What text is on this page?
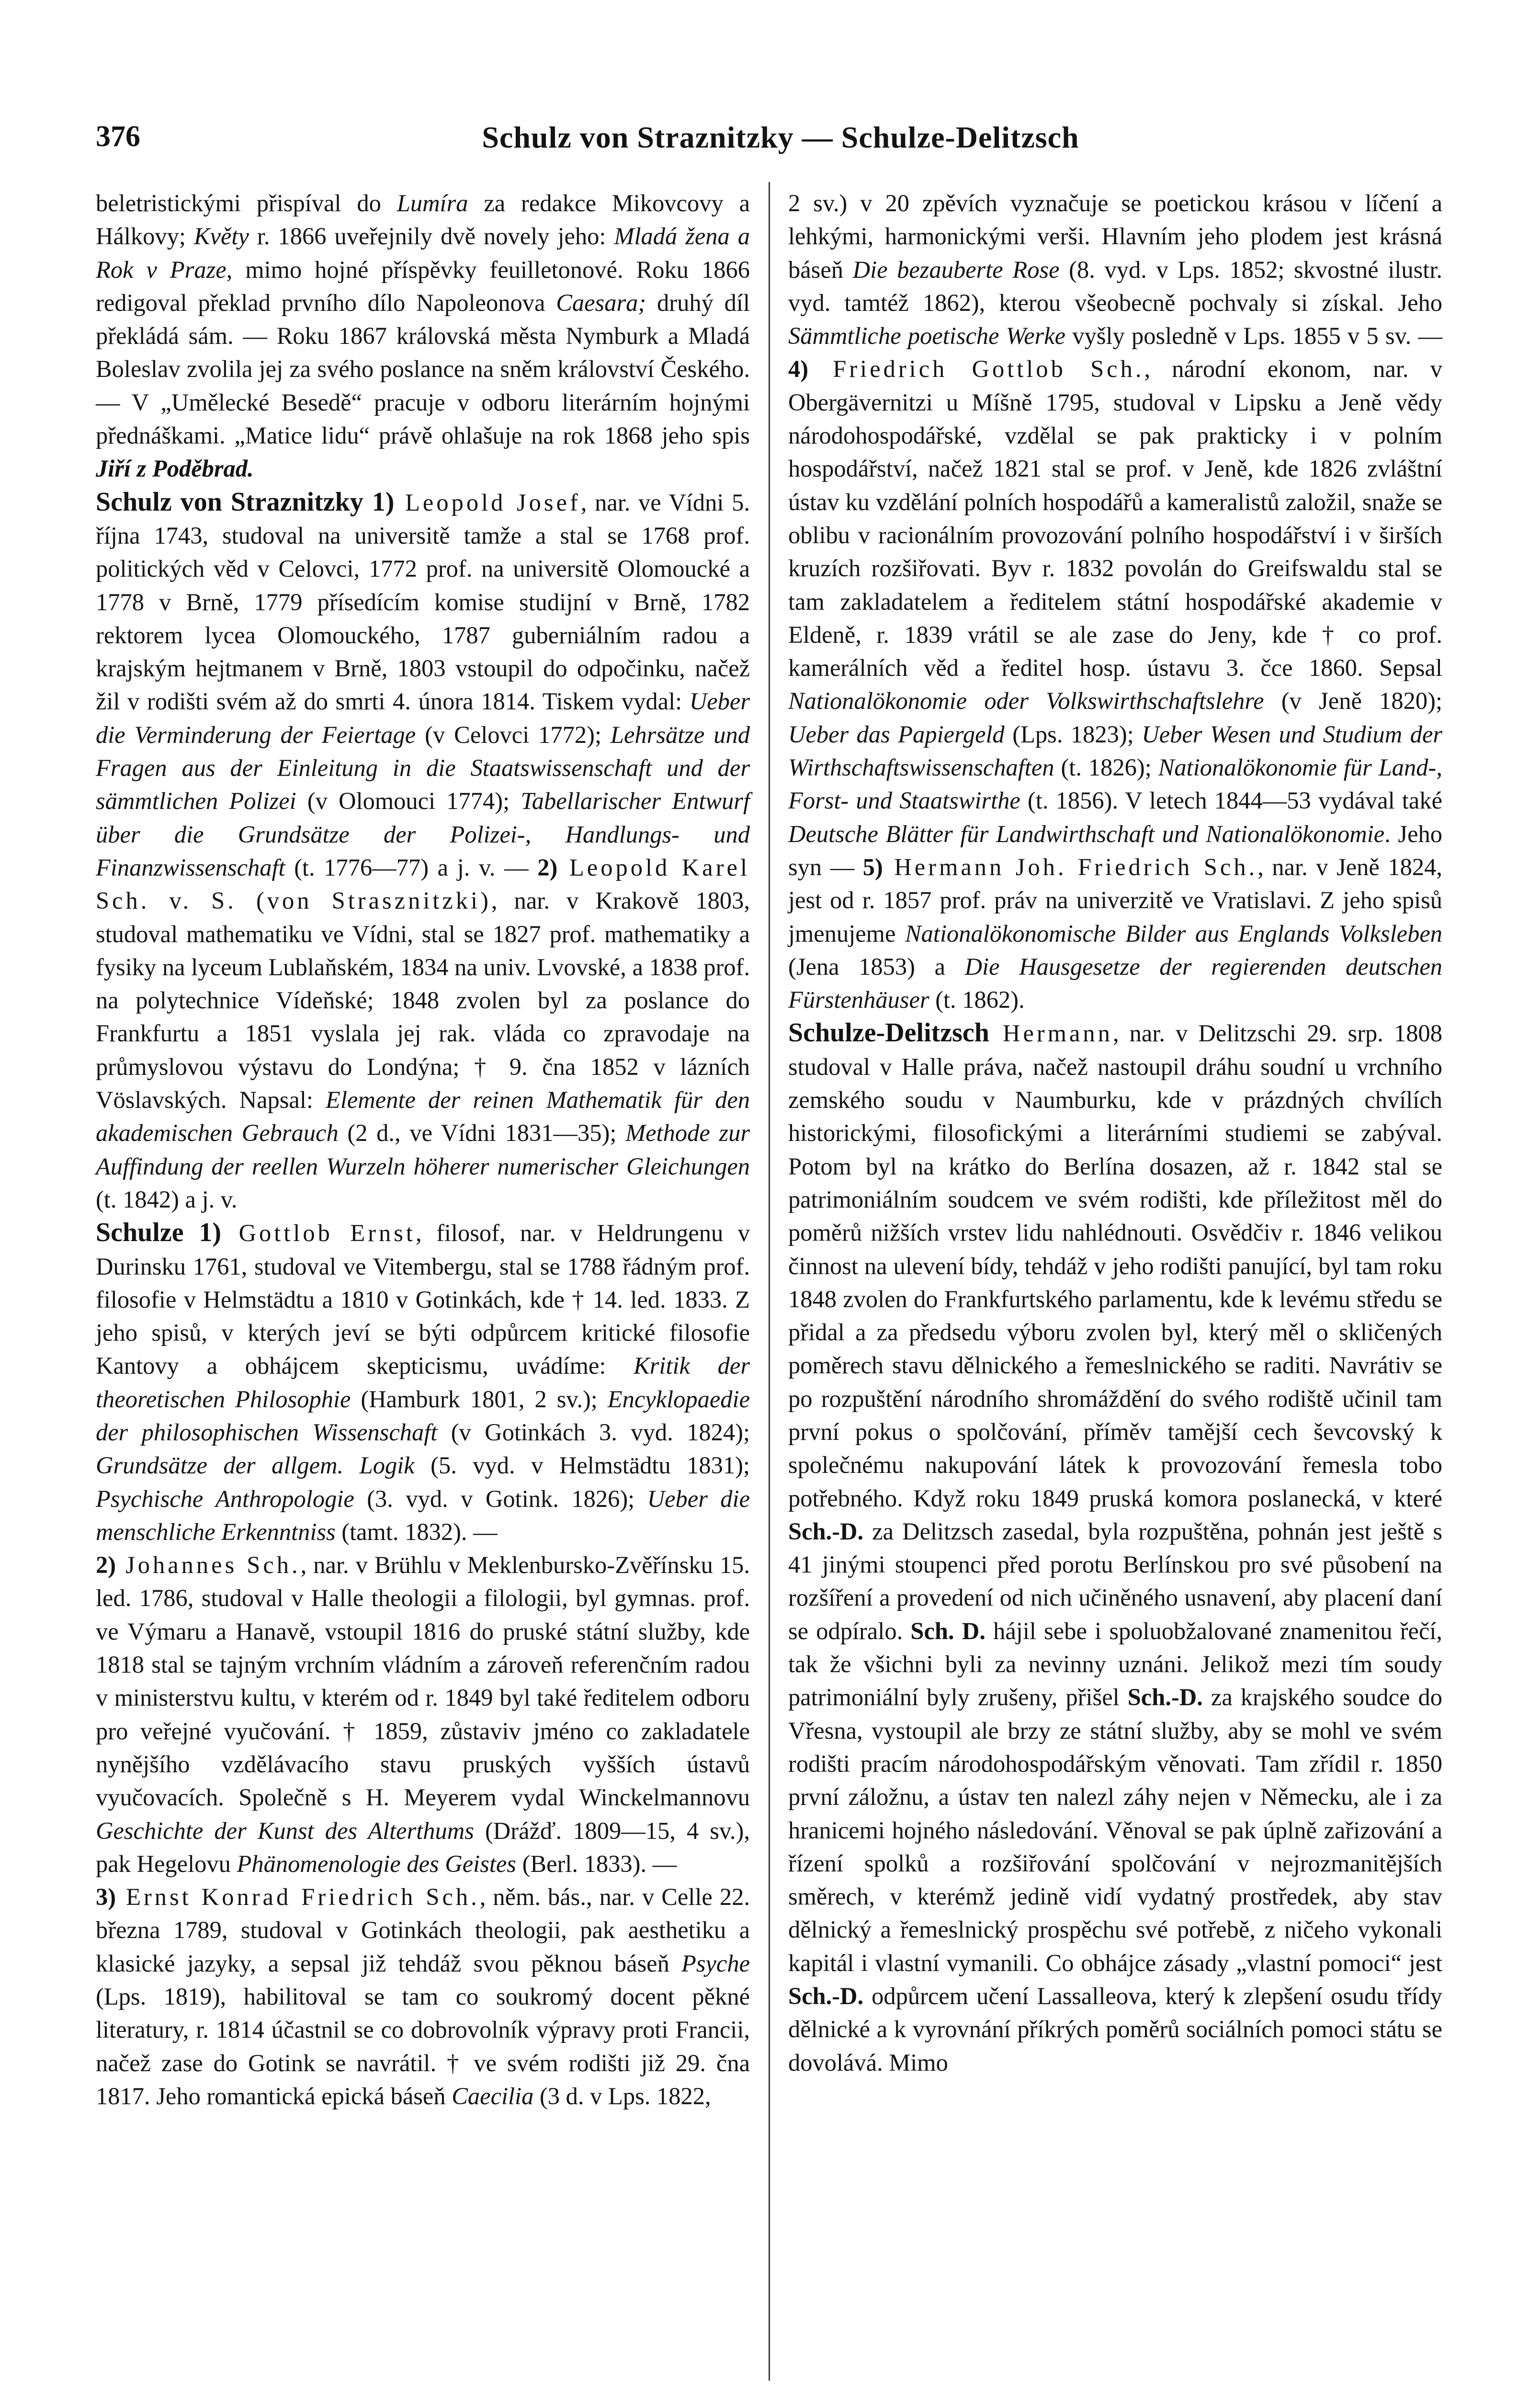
376	Schulz von Straznitzky — Schulze-Delitzsch

beletristickými přispíval do Lumíra za redakce Mikovcovy a Hálkovy; Květy r. 1866 uveřejnily dvě novely jeho: Mladá žena a Rok v Praze, mimo hojné příspěvky feuilletonové. Roku 1866 redigoval překlad prvního dílo Napoleonova Caesara; druhý díl překládá sám. — Roku 1867 královská města Nymburk a Mladá Boleslav zvolila jej za svého poslance na sněm království Českého. — V „Umělecké Besedě“ pracuje v odboru literárním hojnými přednáškami. „Matice lidu“ právě ohlašuje na rok 1868 jeho spis Jiří z Poděbrad.

Schulz von Straznitzky 1) Leopold Josef, nar. ve Vídni 5. října 1743, studoval na universitě tamže a stal se 1768 prof. politických věd v Celovci, 1772 prof. na universitě Olomoucké a 1778 v Brně, 1779 přísedícím komise studijní v Brně, 1782 rektorem lycea Olomouckého, 1787 guberniálním radou a krajským hejtmanem v Brně, 1803 vstoupil do odpočinku, načež žil v rodišti svém až do smrti 4. února 1814. Tiskem vydal: Ueber die Verminderung der Feiertage (v Celovci 1772); Lehrsätze und Fragen aus der Einleitung in die Staatswissenschaft und der sämmtlichen Polizei (v Olomouci 1774); Tabellarischer Entwurf über die Grundsätze der Polizei-, Handlungs- und Finanzwissenschaft (t. 1776—77) a j. v. — 2) Leopold Karel Sch. v. S. (von Strasznitzki), nar. v Krakově 1803, studoval mathematiku ve Vídni, stal se 1827 prof. mathematiky a fysiky na lyceum Lublaňském, 1834 na univ. Lvovské, a 1838 prof. na polytechnice Vídeňské; 1848 zvolen byl za poslance do Frankfurtu a 1851 vyslala jej rak. vláda co zpravodaje na průmyslovou výstavu do Londýna; † 9. čna 1852 v lázních Vöslavských. Napsal: Elemente der reinen Mathematik für den akademischen Gebrauch (2 d., ve Vídni 1831—35); Methode zur Auffindung der reellen Wurzeln höherer numerischer Gleichungen (t. 1842) a j. v.

Schulze 1) Gottlob Ernst, filosof, nar. v Heldrungenu v Durinsku 1761, studoval ve Vitembergu, stal se 1788 řádným prof. filosofie v Helmstädtu a 1810 v Gotinkách, kde † 14. led. 1833. Z jeho spisů, v kterých jeví se býti odpůrcem kritické filosofie Kantovy a obhájcem skepticismu, uvádíme: Kritik der theoretischen Philosophie (Hamburk 1801, 2 sv.); Encyklopaedie der philosophischen Wissenschaft (v Gotinkách 3. vyd. 1824); Grundsätze der allgem. Logik (5. vyd. v Helmstädtu 1831); Psychische Anthropologie (3. vyd. v Gotink. 1826); Ueber die menschliche Erkenntniss (tamt. 1832). —

2) Johannes Sch., nar. v Brühlu v Meklenbursko-Zvěřínsku 15. led. 1786, studoval v Halle theologii a filologii, byl gymnas. prof. ve Výmaru a Hanavě, vstoupil 1816 do pruské státní služby, kde 1818 stal se tajným vrchním vládním a zároveň referenčním radou v ministerstvu kultu, v kterém od r. 1849 byl také ředitelem odboru pro veřejné vyučování. † 1859, zůstaviv jméno co zakladatele nynějšího vzdělávacího stavu pruských vyšších ústavů vyučovacích. Společně s H. Meyerem vydal Winckelmannovu Geschichte der Kunst des Alterthums (Drážď. 1809—15, 4 sv.), pak Hegelovu Phänomenologie des Geistes (Berl. 1833). —

3) Ernst Konrad Friedrich Sch., něm. bás., nar. v Celle 22. března 1789, studoval v Gotinkách theologii, pak aesthetiku a klasické jazyky, a sepsal již tehdáž svou pěknou báseň Psyche (Lps. 1819), habilitoval se tam co soukromý docent pěkné literatury, r. 1814 účastnil se co dobrovolník výpravy proti Francii, načež zase do Gotink se navrátil. † ve svém rodišti již 29. čna 1817. Jeho romantická epická báseň Caecilia (3 d. v Lps. 1822,

2 sv.) v 20 zpěvích vyznačuje se poetickou krásou v líčení a lehkými, harmonickými verši. Hlavním jeho plodem jest krásná báseň Die bezauberte Rose (8. vyd. v Lps. 1852; skvostné ilustr. vyd. tamtéž 1862), kterou všeobecně pochvaly si získal. Jeho Sämmtliche poetische Werke vyšly posledně v Lps. 1855 v 5 sv. — 4) Friedrich Gottlob Sch., národní ekonom, nar. v Obergävernitzi u Míšně 1795, studoval v Lipsku a Jeně vědy národohospodářské, vzdělal se pak prakticky i v polním hospodářství, načež 1821 stal se prof. v Jeně, kde 1826 zvláštní ústav ku vzdělání polních hospodářů a kameralistů založil, snaže se oblibu v racionálním provozování polního hospodářství i v širších kruzích rozšiřovati. Byv r. 1832 povolán do Greifswaldu stal se tam zakladatelem a ředitelem státní hospodářské akademie v Eldeně, r. 1839 vrátil se ale zase do Jeny, kde † co prof. kamerálních věd a ředitel hosp. ústavu 3. čce 1860. Sepsal Nationalökonomie oder Volkswirthschaftslehre (v Jeně 1820); Ueber das Papiergeld (Lps. 1823); Ueber Wesen und Studium der Wirthschaftswissenschaften (t. 1826); Nationalökonomie für Land-, Forst- und Staatswirthe (t. 1856). V letech 1844—53 vydával také Deutsche Blätter für Landwirthschaft und Nationalökonomie. Jeho syn — 5) Hermann Joh. Friedrich Sch., nar. v Jeně 1824, jest od r. 1857 prof. práv na univerzitě ve Vratislavi. Z jeho spisů jmenujeme Nationalökonomische Bilder aus Englands Volksleben (Jena 1853) a Die Hausgesetze der regierenden deutschen Fürstenhäuser (t. 1862).

Schulze-Delitzsch Hermann, nar. v Delitzschi 29. srp. 1808 studoval v Halle práva, načež nastoupil dráhu soudní u vrchního zemského soudu v Naumburku, kde v prázdných chvílích historickými, filosofickými a literárními studiemi se zabýval. Potom byl na krátko do Berlína dosazen, až r. 1842 stal se patrimoniálním soudcem ve svém rodišti, kde příležitost měl do poměrů nižších vrstev lidu nahlédnouti. Osvědčiv r. 1846 velikou činnost na ulevení bídy, tehdáž v jeho rodišti panující, byl tam roku 1848 zvolen do Frankfurtského parlamentu, kde k levému středu se přidal a za předsedu výboru zvolen byl, který měl o skličených poměrech stavu dělnického a řemeslnického se raditi. Navrátiv se po rozpuštění národního shromáždění do svého rodiště učinil tam první pokus o spolčování, příměv tamější cech ševcovský k společnému nakupování látek k provozování řemesla tobo potřebného. Když roku 1849 pruská komora poslanecká, v které Sch.-D. za Delitzsch zasedal, byla rozpuštěna, pohnán jest ještě s 41 jinými stoupenci před porotu Berlínskou pro své působení na rozšíření a provedení od nich učiněného usnavení, aby placení daní se odpíralo. Sch. D. hájil sebe i spoluobžalované znamenitou řečí, tak že všichni byli za nevinny uznáni. Jelikož mezi tím soudy patrimoniální byly zrušeny, přišel Sch.-D. za krajského soudce do Vřesna, vystoupil ale brzy ze státní služby, aby se mohl ve svém rodišti pracím národohospodářským věnovati. Tam zřídil r. 1850 první záložnu, a ústav ten nalezl záhy nejen v Německu, ale i za hranicemi hojného následování. Věnoval se pak úplně zařizování a řízení spolků a rozšiřování spolčování v nejrozmanitějších směrech, v kterémž jedině vidí vydatný prostředek, aby stav dělnický a řemeslnický prospěchu své potřebě, z ničeho vykonali kapitál i vlastní vymanili. Co obhájce zásady „vlastní pomoci“ jest Sch.-D. odpůrcem učení Lassalleova, který k zlepšení osudu třídy dělnické a k vyrovnání příkrých poměrů sociálních pomoci státu se dovolává. Mimo
